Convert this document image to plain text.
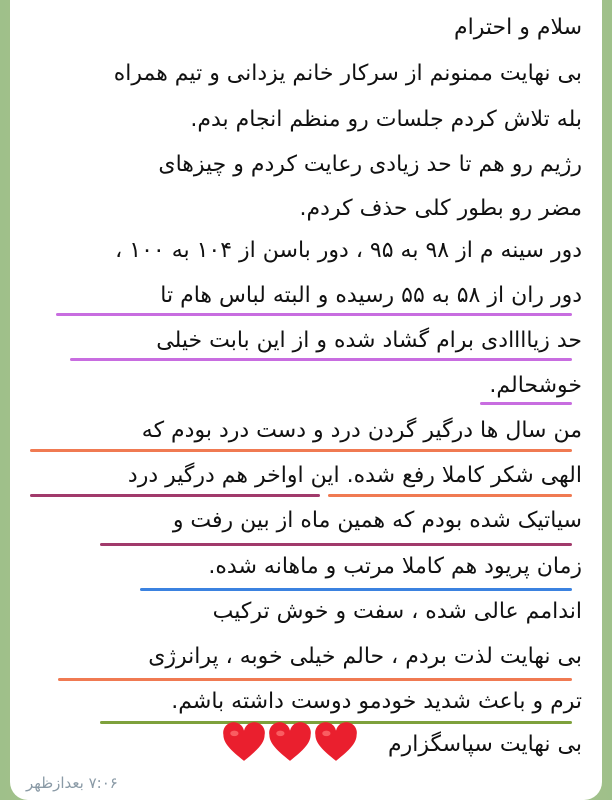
سلام و احترام
بی نهایت ممنونم از سرکار خانم یزدانی و تیم همراه
بله تلاش کردم جلسات رو منظم انجام بدم.
رژیم رو هم تا حد زیادی رعایت کردم و چیزهای
مضر رو بطور کلی حذف کردم.
دور سینه م از ۹۸ به ۹۵ ، دور باسن از ۱۰۴ به ۱۰۰ ،
دور ران از ۵۸ به ۵۵ رسیده و البته لباس هام تا
حد زیاااادی برام گشاد شده و از این بابت خیلی
خوشحالم.
من سال ها درگیر گردن درد و دست درد بودم که
الهی شکر کاملا رفع شده. این اواخر هم درگیر درد
سیاتیک شده بودم که همین ماه از بین رفت و
زمان پریود هم کاملا مرتب و ماهانه شده.
اندامم عالی شده ، سفت و خوش ترکیب
بی نهایت لذت بردم ، حالم خیلی خوبه ، پرانرژی
ترم و باعث شدید خودمو دوست داشته باشم.
بی نهایت سپاسگزارم
۷:۰۶ بعدازظهر
